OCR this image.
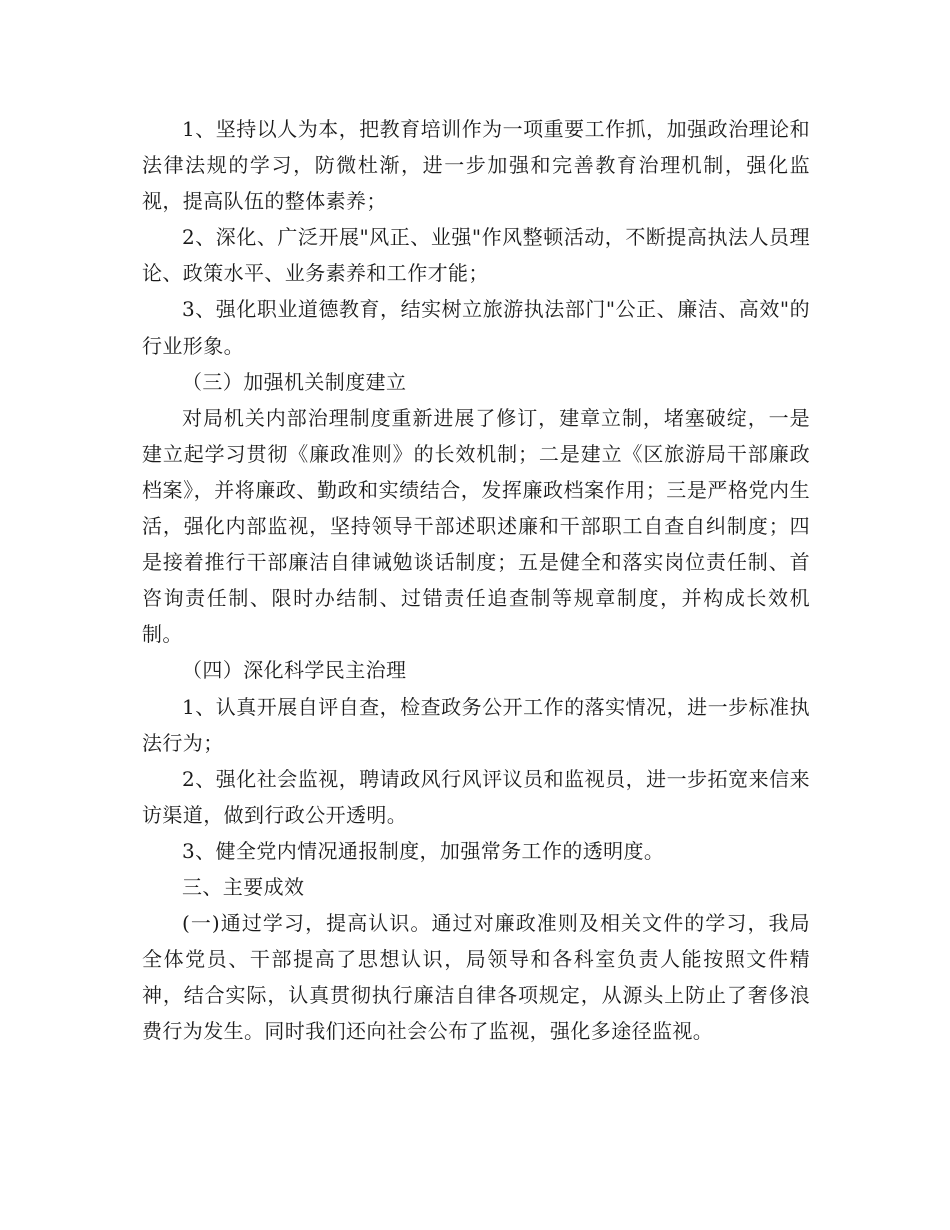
1、坚持以人为本，把教育培训作为一项重要工作抓，加强政治理论和法律法规的学习，防微杜渐，进一步加强和完善教育治理机制，强化监视，提高队伍的整体素养；

2、深化、广泛开展"风正、业强"作风整顿活动，不断提高执法人员理论、政策水平、业务素养和工作才能；

3、强化职业道德教育，结实树立旅游执法部门"公正、廉洁、高效"的行业形象。

（三）加强机关制度建立

对局机关内部治理制度重新进展了修订，建章立制，堵塞破绽，一是建立起学习贯彻《廉政准则》的长效机制；二是建立《区旅游局干部廉政档案》，并将廉政、勤政和实绩结合，发挥廉政档案作用；三是严格党内生活，强化内部监视，坚持领导干部述职述廉和干部职工自查自纠制度；四是接着推行干部廉洁自律诫勉谈话制度；五是健全和落实岗位责任制、首咨询责任制、限时办结制、过错责任追查制等规章制度，并构成长效机制。

（四）深化科学民主治理

1、认真开展自评自查，检查政务公开工作的落实情况，进一步标准执法行为；

2、强化社会监视，聘请政风行风评议员和监视员，进一步拓宽来信来访渠道，做到行政公开透明。

3、健全党内情况通报制度，加强常务工作的透明度。

三、主要成效

(一)通过学习，提高认识。通过对廉政准则及相关文件的学习，我局全体党员、干部提高了思想认识，局领导和各科室负责人能按照文件精神，结合实际，认真贯彻执行廉洁自律各项规定，从源头上防止了奢侈浪费行为发生。同时我们还向社会公布了监视，强化多途径监视。
